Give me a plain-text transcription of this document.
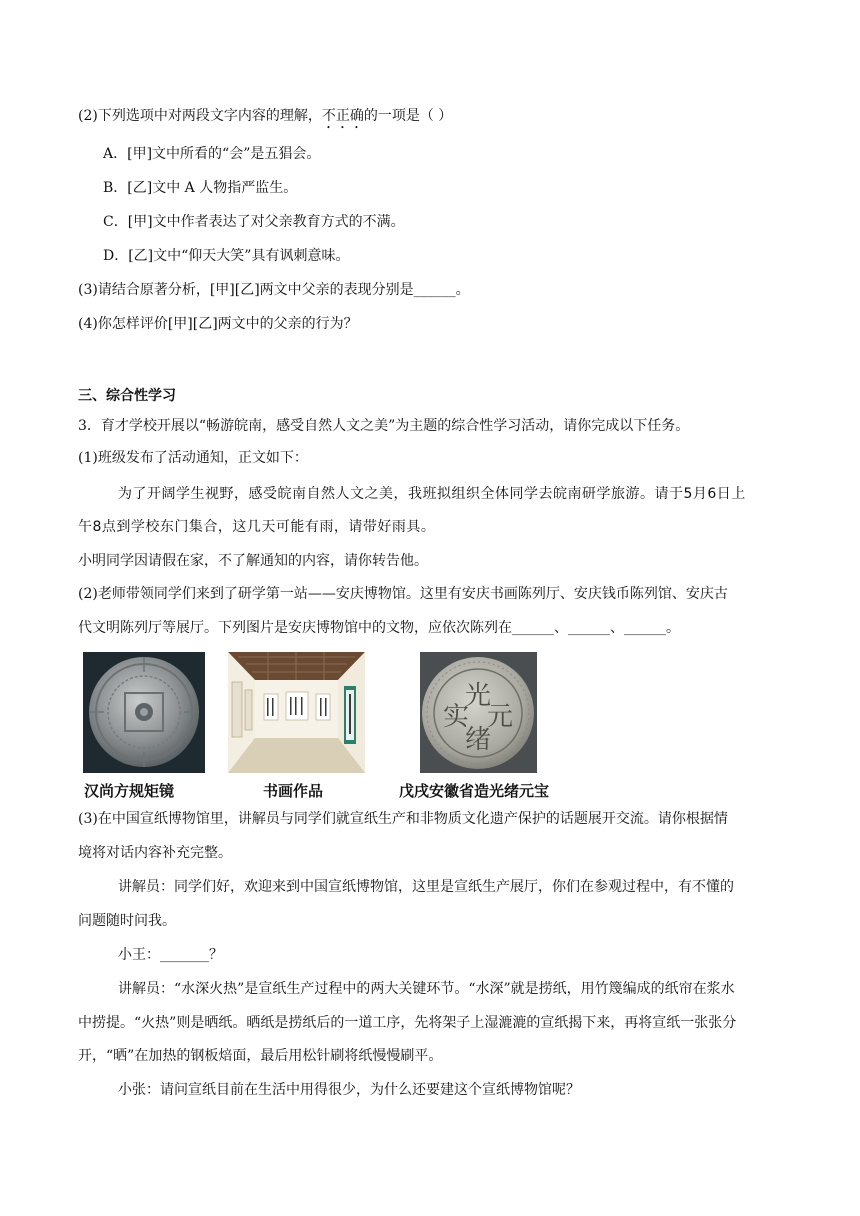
(2)下列选项中对两段文字内容的理解，不正确的一项是（ ）
A．[甲]文中所看的“会”是五猖会。
B．[乙]文中 A 人物指严监生。
C．[甲]文中作者表达了对父亲教育方式的不满。
D．[乙]文中“仰天大笑”具有讽刺意味。
(3)请结合原著分析，[甲][乙]两文中父亲的表现分别是______。
(4)你怎样评价[甲][乙]两文中的父亲的行为？
三、综合性学习
3．育才学校开展以“畅游皖南，感受自然人文之美”为主题的综合性学习活动，请你完成以下任务。
(1)班级发布了活动通知，正文如下：
为了开阔学生视野，感受皖南自然人文之美，我班拟组织全体同学去皖南研学旅游。请于5月6日上
午8点到学校东门集合，这几天可能有雨，请带好雨具。
小明同学因请假在家，不了解通知的内容，请你转告他。
(2)老师带领同学们来到了研学第一站——安庆博物馆。这里有安庆书画陈列厅、安庆钱币陈列馆、安庆古
代文明陈列厅等展厅。下列图片是安庆博物馆中的文物，应依次陈列在______、______、______。
光
元
实
绪
汉尚方规矩镜	书画作品	戊戌安徽省造光绪元宝
(3)在中国宣纸博物馆里，讲解员与同学们就宣纸生产和非物质文化遗产保护的话题展开交流。请你根据情
境将对话内容补充完整。
讲解员：同学们好，欢迎来到中国宣纸博物馆，这里是宣纸生产展厅，你们在参观过程中，有不懂的
问题随时问我。
小王：_______？
讲解员：“水深火热”是宣纸生产过程中的两大关键环节。“水深”就是捞纸，用竹篾编成的纸帘在浆水
中捞提。“火热”则是晒纸。晒纸是捞纸后的一道工序，先将架子上湿漉漉的宣纸揭下来，再将宣纸一张张分
开，“晒”在加热的钢板焙面，最后用松针刷将纸慢慢刷平。
小张：请问宣纸目前在生活中用得很少，为什么还要建这个宣纸博物馆呢？
